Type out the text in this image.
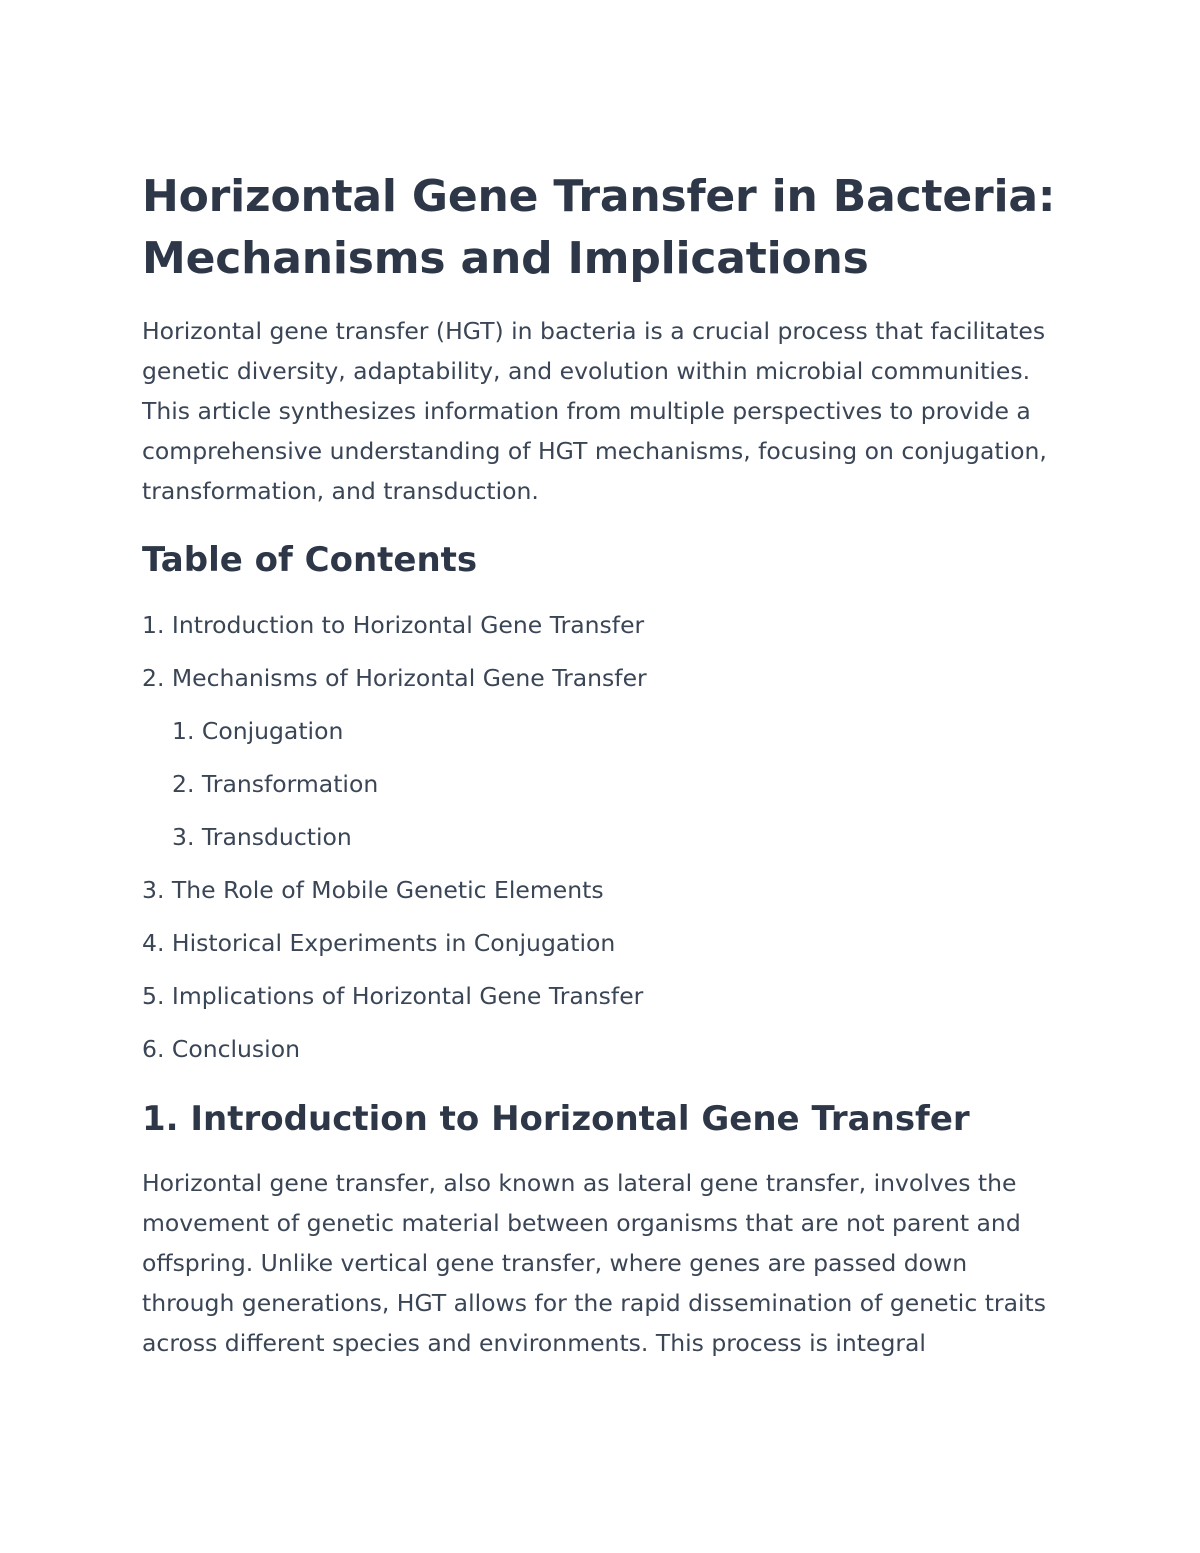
Horizontal Gene Transfer in Bacteria:
Mechanisms and Implications

Horizontal gene transfer (HGT) in bacteria is a crucial process that facilitates genetic diversity, adaptability, and evolution within microbial communities. This article synthesizes information from multiple perspectives to provide a comprehensive understanding of HGT mechanisms, focusing on conjugation, transformation, and transduction.

Table of Contents
1. Introduction to Horizontal Gene Transfer
2. Mechanisms of Horizontal Gene Transfer
1. Conjugation
2. Transformation
3. Transduction
3. The Role of Mobile Genetic Elements
4. Historical Experiments in Conjugation
5. Implications of Horizontal Gene Transfer
6. Conclusion
1. Introduction to Horizontal Gene Transfer

Horizontal gene transfer, also known as lateral gene transfer, involves the movement of genetic material between organisms that are not parent and offspring. Unlike vertical gene transfer, where genes are passed down through generations, HGT allows for the rapid dissemination of genetic traits across different species and environments. This process is integral
